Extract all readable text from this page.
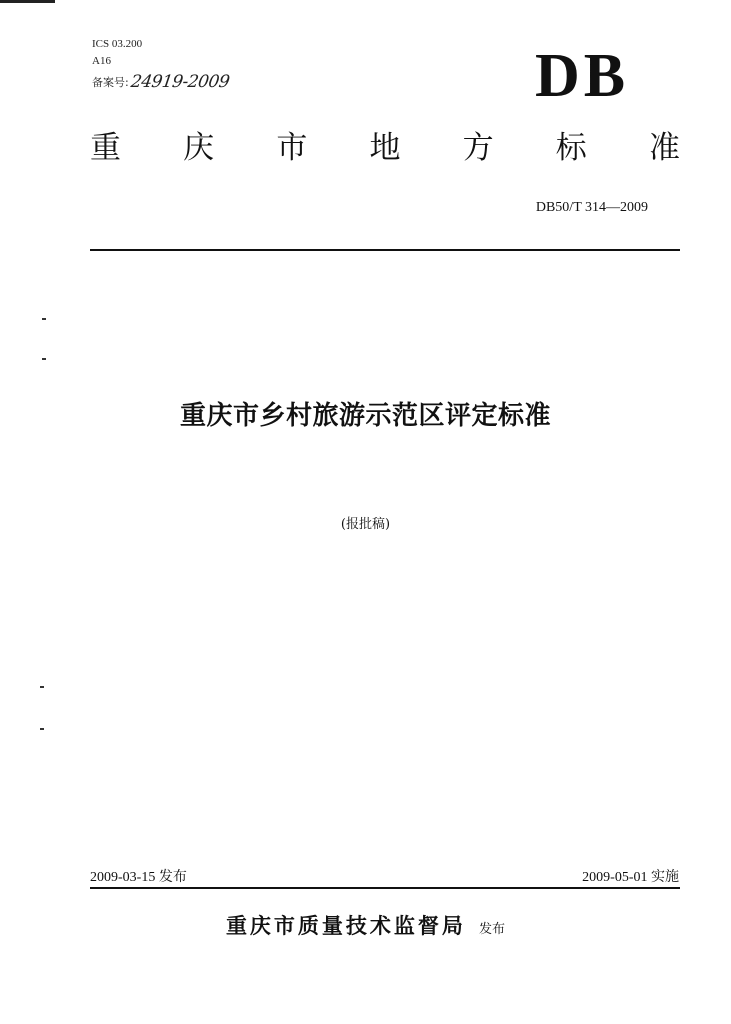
ICS 03.200
A16
备案号: 24919-2009	DB
重 庆 市 地 方 标 准
DB50/T 314—2009
重庆市乡村旅游示范区评定标准
(报批稿)
2009-03-15 发布	2009-05-01 实施
重庆市质量技术监督局 发布
